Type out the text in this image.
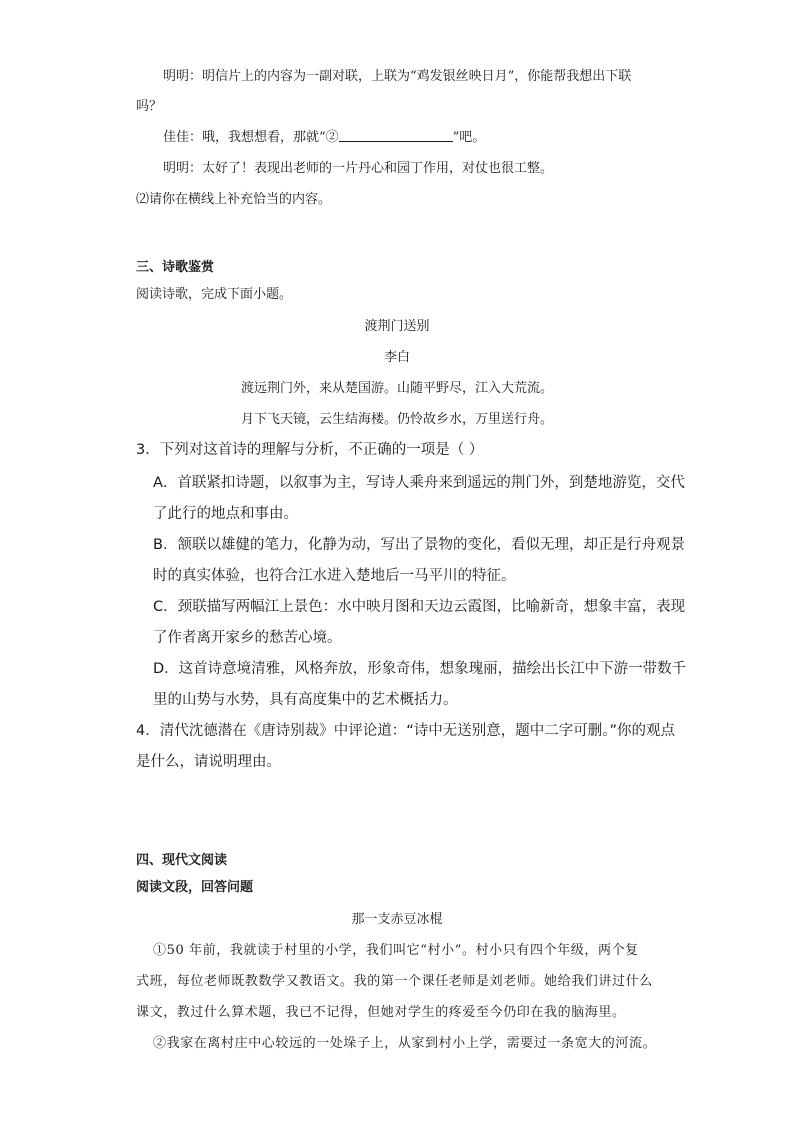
明明：明信片上的内容为一副对联，上联为“鸡发银丝映日月”，你能帮我想出下联
吗？
佳佳：哦，我想想看，那就“②	”吧。
明明：太好了！表现出老师的一片丹心和园丁作用，对仗也很工整。
⑵请你在横线上补充恰当的内容。
三、诗歌鉴赏
阅读诗歌，完成下面小题。
渡荆门送别
李白
渡远荆门外，来从楚国游。山随平野尽，江入大荒流。
月下飞天镜，云生结海楼。仍怜故乡水，万里送行舟。
3．下列对这首诗的理解与分析，不正确的一项是（ ）
A．首联紧扣诗题，以叙事为主，写诗人乘舟来到遥远的荆门外，到楚地游览，交代
了此行的地点和事由。
B．颔联以雄健的笔力，化静为动，写出了景物的变化，看似无理，却正是行舟观景
时的真实体验，也符合江水进入楚地后一马平川的特征。
C．颈联描写两幅江上景色：水中映月图和天边云霞图，比喻新奇，想象丰富，表现
了作者离开家乡的愁苦心境。
D．这首诗意境清雅，风格奔放，形象奇伟，想象瑰丽，描绘出长江中下游一带数千
里的山势与水势，具有高度集中的艺术概括力。
4．清代沈德潜在《唐诗别裁》中评论道：“诗中无送别意，题中二字可删。”你的观点
是什么，请说明理由。
四、现代文阅读
阅读文段，回答问题
那一支赤豆冰棍
①50 年前，我就读于村里的小学，我们叫它“村小”。村小只有四个年级，两个复
式班，每位老师既教数学又教语文。我的第一个课任老师是刘老师。她给我们讲过什么
课文，教过什么算术题，我已不记得，但她对学生的疼爱至今仍印在我的脑海里。
②我家在离村庄中心较远的一处垛子上，从家到村小上学，需要过一条宽大的河流。
